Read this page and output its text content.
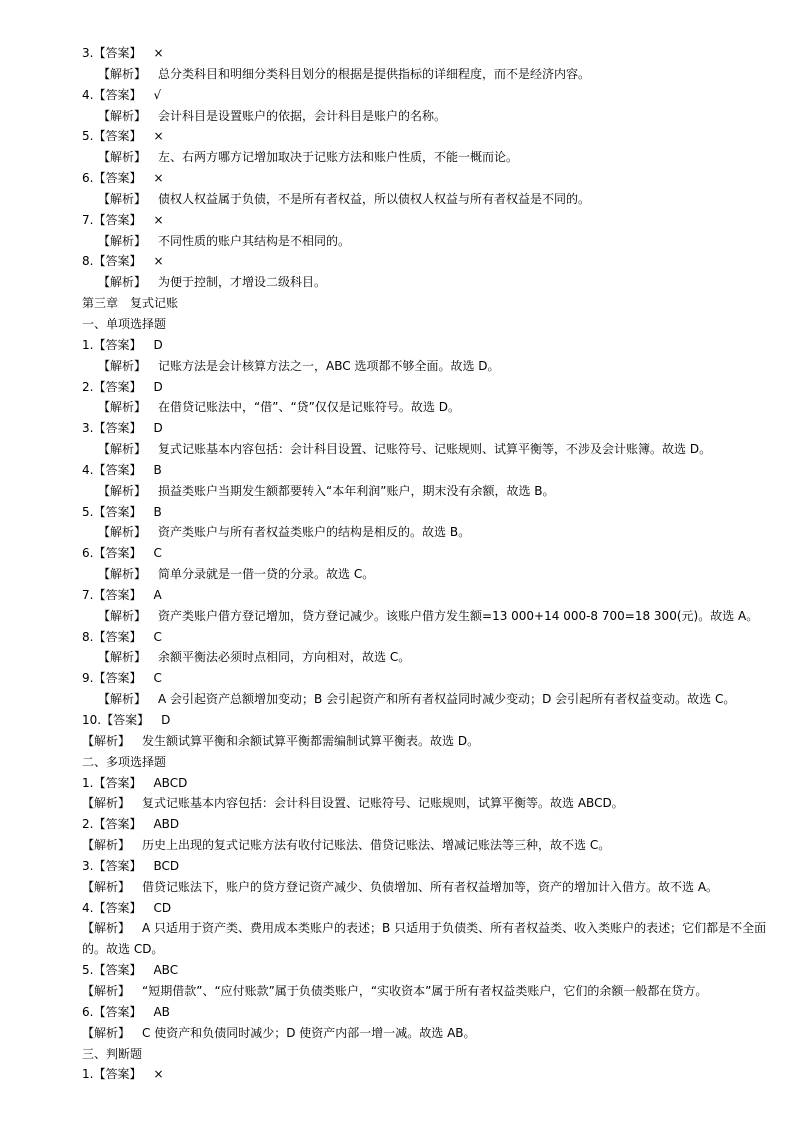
3.【答案】 ×
【解析】 总分类科目和明细分类科目划分的根据是提供指标的详细程度，而不是经济内容。
4.【答案】 √
【解析】 会计科目是设置账户的依据，会计科目是账户的名称。
5.【答案】 ×
【解析】 左、右两方哪方记增加取决于记账方法和账户性质，不能一概而论。
6.【答案】 ×
【解析】 债权人权益属于负债，不是所有者权益，所以债权人权益与所有者权益是不同的。
7.【答案】 ×
【解析】 不同性质的账户其结构是不相同的。
8.【答案】 ×
【解析】 为便于控制，才增设二级科目。
第三章　复式记账
一、单项选择题
1.【答案】 D
【解析】 记账方法是会计核算方法之一，ABC 选项都不够全面。故选 D。
2.【答案】 D
【解析】 在借贷记账法中，“借”、“贷”仅仅是记账符号。故选 D。
3.【答案】 D
【解析】 复式记账基本内容包括：会计科目设置、记账符号、记账规则、试算平衡等，不涉及会计账簿。故选 D。
4.【答案】 B
【解析】 损益类账户当期发生额都要转入“本年利润”账户，期末没有余额，故选 B。
5.【答案】 B
【解析】 资产类账户与所有者权益类账户的结构是相反的。故选 B。
6.【答案】 C
【解析】 简单分录就是一借一贷的分录。故选 C。
7.【答案】 A
【解析】 资产类账户借方登记增加，贷方登记减少。该账户借方发生额=13 000+14 000-8 700=18 300(元)。故选 A。
8.【答案】 C
【解析】 余额平衡法必须时点相同，方向相对，故选 C。
9.【答案】 C
【解析】 A 会引起资产总额增加变动；B 会引起资产和所有者权益同时减少变动；D 会引起所有者权益变动。故选 C。
10.【答案】 D
【解析】 发生额试算平衡和余额试算平衡都需编制试算平衡表。故选 D。
二、多项选择题
1.【答案】 ABCD
【解析】 复式记账基本内容包括：会计科目设置、记账符号、记账规则，试算平衡等。故选 ABCD。
2.【答案】 ABD
【解析】 历史上出现的复式记账方法有收付记账法、借贷记账法、增减记账法等三种，故不选 C。
3.【答案】 BCD
【解析】 借贷记账法下，账户的贷方登记资产减少、负债增加、所有者权益增加等，资产的增加计入借方。故不选 A。
4.【答案】 CD
【解析】 A 只适用于资产类、费用成本类账户的表述；B 只适用于负债类、所有者权益类、收入类账户的表述；它们都是不全面的。故选 CD。
5.【答案】 ABC
【解析】 “短期借款”、“应付账款”属于负债类账户，“实收资本”属于所有者权益类账户，它们的余额一般都在贷方。
6.【答案】 AB
【解析】 C 使资产和负债同时减少；D 使资产内部一增一减。故选 AB。
三、判断题
1.【答案】 ×
